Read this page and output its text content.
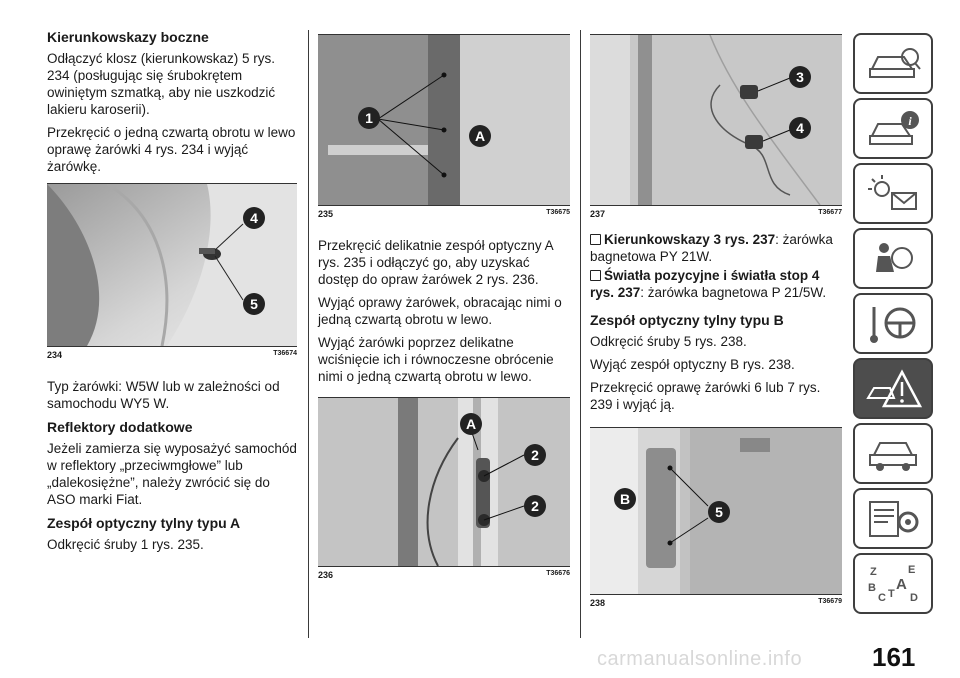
Kierunkowskazy boczne

Odłączyć klosz (kierunkowskaz) 5 rys. 234 (posługując się śrubokrętem owiniętym szmatką, aby nie uszkodzić lakieru karoserii).

Przekręcić o jedną czwartą obrotu w lewo oprawę żarówki 4 rys. 234 i wyjąć żarówkę.

4
5
234	T36674

Typ żarówki: W5W lub w zależności od samochodu WY5 W.

Reflektory dodatkowe

Jeżeli zamierza się wyposażyć samochód w reflektory „przeciwmgłowe” lub „dalekosiężne”, należy zwrócić się do ASO marki Fiat.

Zespół optyczny tylny typu A

Odkręcić śruby 1 rys. 235.

1
A
235	T36675

Przekręcić delikatnie zespół optyczny A rys. 235 i odłączyć go, aby uzyskać dostęp do opraw żarówek 2 rys. 236.

Wyjąć oprawy żarówek, obracając nimi o jedną czwartą obrotu w lewo.

Wyjąć żarówki poprzez delikatne wciśnięcie ich i równoczesne obrócenie nimi o jedną czwartą obrotu w lewo.

A
2
2
236	T36676
3
4
237	T36677

Kierunkowskazy 3 rys. 237: żarówka bagnetowa PY 21W.

Światła pozycyjne i światła stop 4 rys. 237: żarówka bagnetowa P 21/5W.

Zespół optyczny tylny typu B

Odkręcić śruby 5 rys. 238.

Wyjąć zespół optyczny B rys. 238.

Przekręcić oprawę żarówki 6 lub 7 rys. 239 i wyjąć ją.

B
5
238	T36679
i
Z	E
B A
C T D
161
carmanualsonline.info
